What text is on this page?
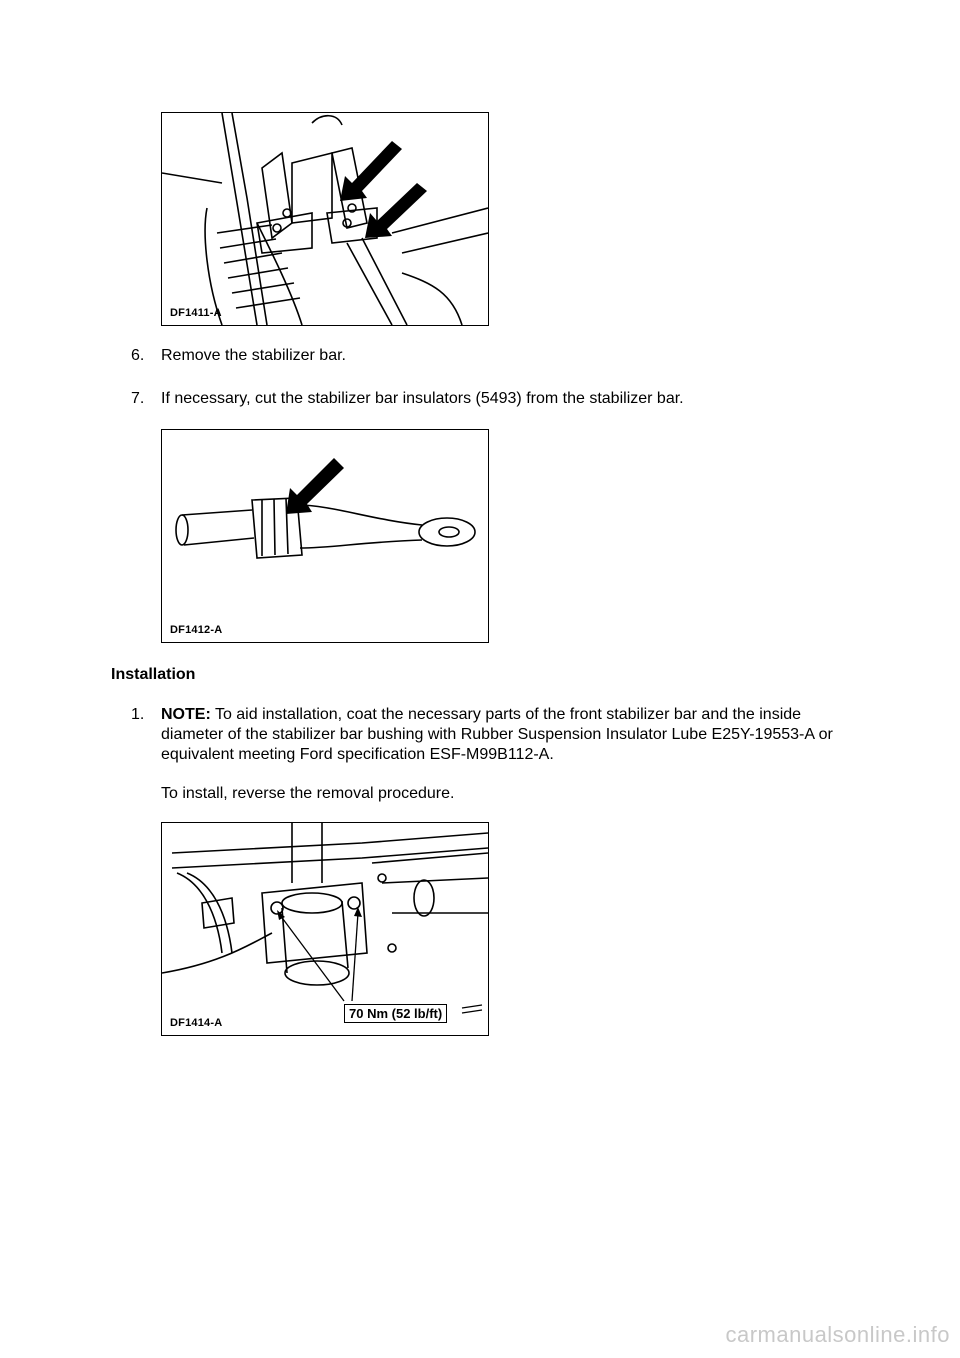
DF1411-A
6. Remove the stabilizer bar.
7. If necessary, cut the stabilizer bar insulators (5493) from the stabilizer bar.
DF1412-A
Installation
1. NOTE: To aid installation, coat the necessary parts of the front stabilizer bar and the inside diameter of the stabilizer bar bushing with Rubber Suspension Insulator Lube E25Y-19553-A or equivalent meeting Ford specification ESF-M99B112-A.
To install, reverse the removal procedure.
70 Nm (52 lb/ft)
DF1414-A
carmanualsonline.info
